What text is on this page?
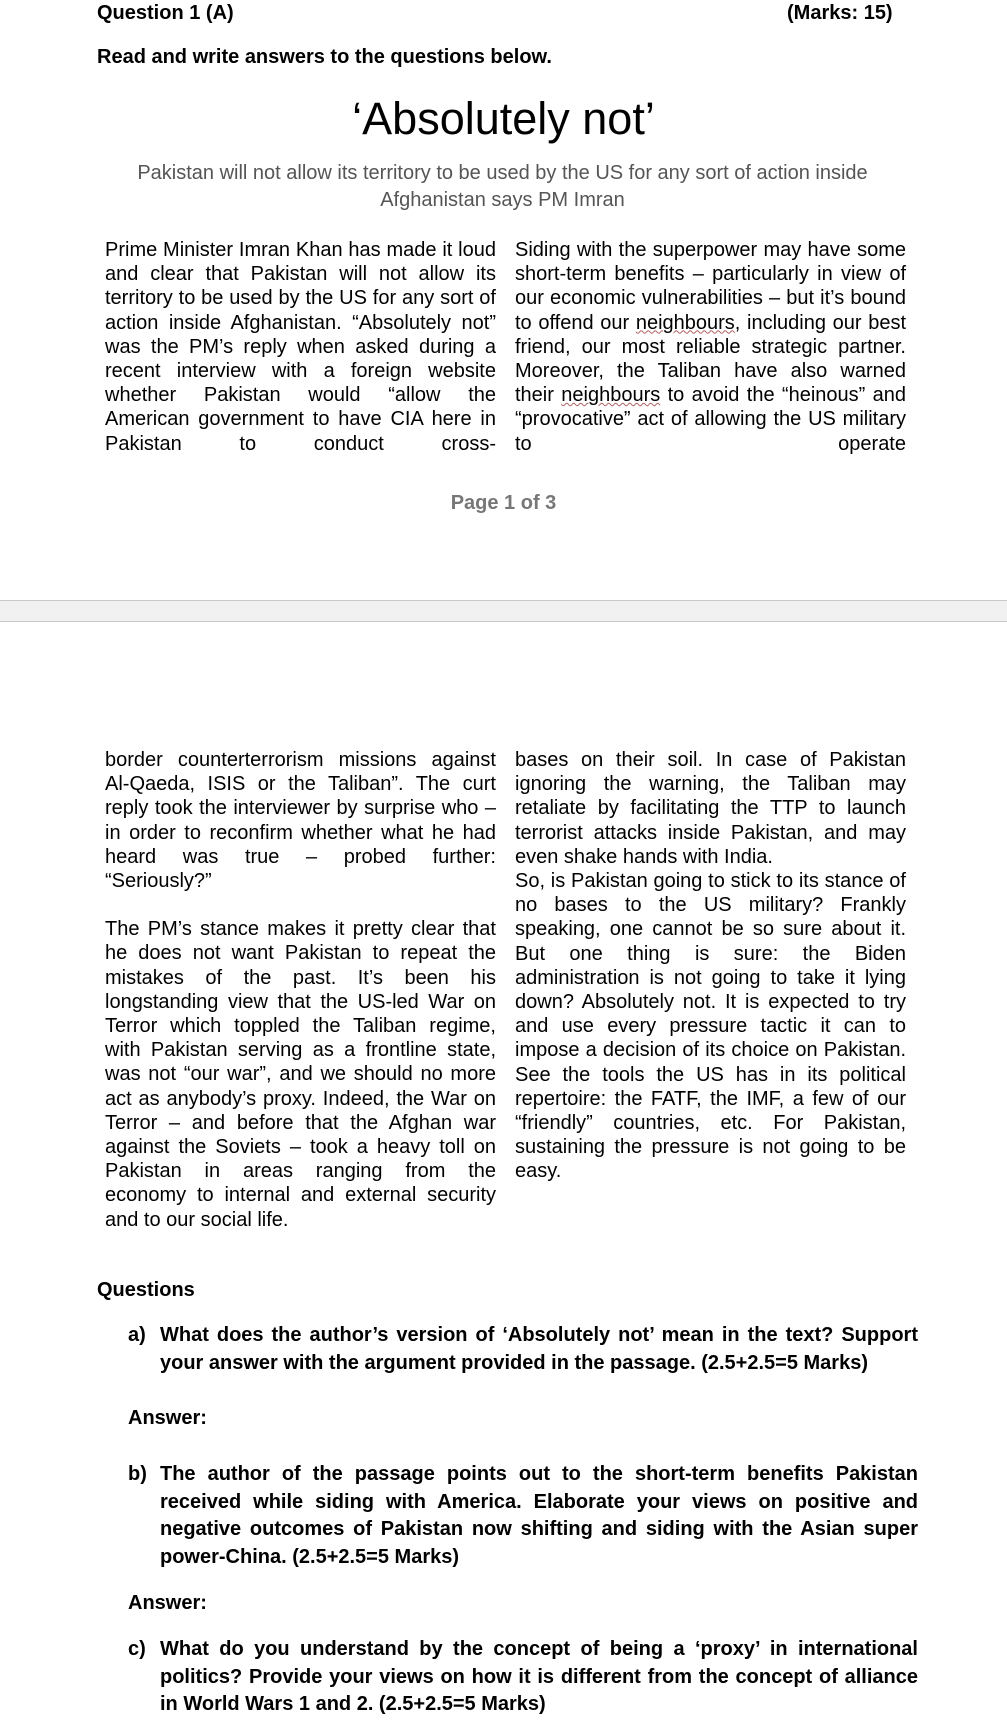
Question 1 (A)	(Marks: 15)
Read and write answers to the questions below.
‘Absolutely not’
Pakistan will not allow its territory to be used by the US for any sort of action inside Afghanistan says PM Imran

Prime Minister Imran Khan has made it loud and clear that Pakistan will not allow its territory to be used by the US for any sort of action inside Afghanistan. “Absolutely not” was the PM’s reply when asked during a recent interview with a foreign website whether Pakistan would “allow the American government to have CIA here in Pakistan to conduct cross-

Siding with the superpower may have some short-term benefits – particularly in view of our economic vulnerabilities – but it’s bound to offend our neighbours, including our best friend, our most reliable strategic partner. Moreover, the Taliban have also warned their neighbours to avoid the “heinous” and “provocative” act of allowing the US military to operate

Page 1 of 3

border counterterrorism missions against Al-Qaeda, ISIS or the Taliban”. The curt reply took the interviewer by surprise who – in order to reconfirm whether what he had heard was true – probed further: “Seriously?”

The PM’s stance makes it pretty clear that he does not want Pakistan to repeat the mistakes of the past. It’s been his longstanding view that the US-led War on Terror which toppled the Taliban regime, with Pakistan serving as a frontline state, was not “our war”, and we should no more act as anybody’s proxy. Indeed, the War on Terror – and before that the Afghan war against the Soviets – took a heavy toll on Pakistan in areas ranging from the economy to internal and external security and to our social life.

bases on their soil. In case of Pakistan ignoring the warning, the Taliban may retaliate by facilitating the TTP to launch terrorist attacks inside Pakistan, and may even shake hands with India.

So, is Pakistan going to stick to its stance of no bases to the US military? Frankly speaking, one cannot be so sure about it. But one thing is sure: the Biden administration is not going to take it lying down? Absolutely not. It is expected to try and use every pressure tactic it can to impose a decision of its choice on Pakistan. See the tools the US has in its political repertoire: the FATF, the IMF, a few of our “friendly” countries, etc. For Pakistan, sustaining the pressure is not going to be easy.

Questions
a) What does the author’s version of ‘Absolutely not’ mean in the text? Support your answer with the argument provided in the passage. (2.5+2.5=5 Marks)
Answer:
b) The author of the passage points out to the short-term benefits Pakistan received while siding with America. Elaborate your views on positive and negative outcomes of Pakistan now shifting and siding with the Asian super power-China. (2.5+2.5=5 Marks)
Answer:
c) What do you understand by the concept of being a ‘proxy’ in international politics? Provide your views on how it is different from the concept of alliance in World Wars 1 and 2. (2.5+2.5=5 Marks)
